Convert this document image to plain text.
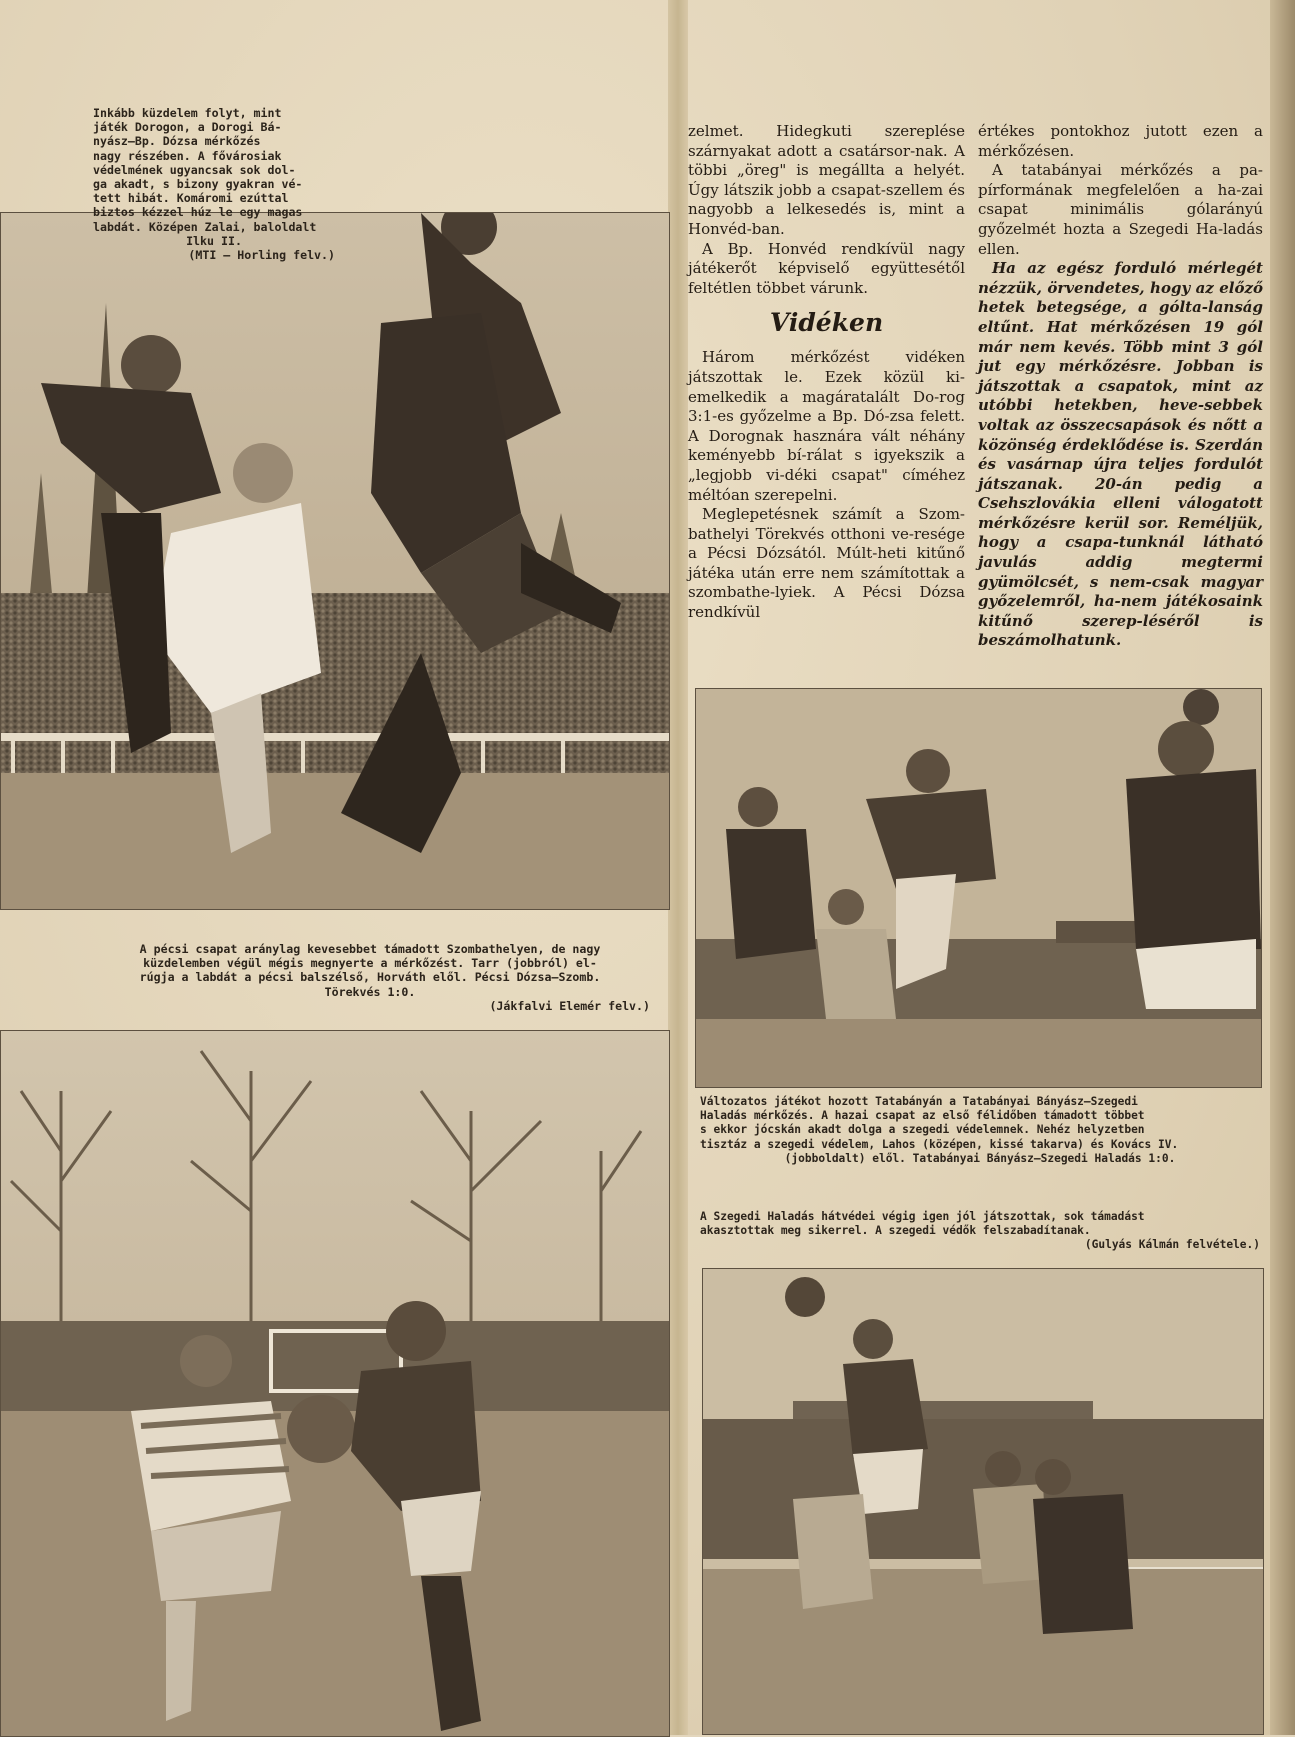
Inkább küzdelem folyt, mint
játék Dorogon, a Dorogi Bá-
nyász—Bp. Dózsa mérkőzés
nagy részében. A fővárosiak
védelmének ugyancsak sok dol-
ga akadt, s bizony gyakran vé-
tett hibát. Komáromi ezúttal
biztos kézzel húz le egy magas
labdát. Középen Zalai, baloldalt
Ilku II.
(MTI — Horling felv.)
A pécsi csapat aránylag kevesebbet támadott Szombathelyen, de nagy
küzdelemben végül mégis megnyerte a mérkőzést. Tarr (jobbról) el-
rúgja a labdát a pécsi balszélső, Horváth elől. Pécsi Dózsa—Szomb.
Törekvés 1:0.
(Jákfalvi Elemér felv.)

zelmet. Hidegkuti szereplése szárnyakat adott a csatársor-nak. A többi „öreg" is megállta a helyét. Úgy látszik jobb a csapat-szellem és nagyobb a lelkesedés is, mint a Honvéd-ban.

A Bp. Honvéd rendkívül nagy játékerőt képviselő együttesétől feltétlen többet várunk.

Vidéken

Három mérkőzést vidéken játszottak le. Ezek közül ki-emelkedik a magáratalált Do-rog 3:1-es győzelme a Bp. Dó-zsa felett. A Dorognak hasznára vált néhány keményebb bí-rálat s igyekszik a „legjobb vi-déki csapat" címéhez méltóan szerepelni.

Meglepetésnek számít a Szom-bathelyi Törekvés otthoni ve-resége a Pécsi Dózsától. Múlt-heti kitűnő játéka után erre nem számítottak a szombathe-lyiek. A Pécsi Dózsa rendkívül

értékes pontokhoz jutott ezen a mérkőzésen.

A tatabányai mérkőzés a pa-pírformának megfelelően a ha-zai csapat minimális gólarányú győzelmét hozta a Szegedi Ha-ladás ellen.

Ha az egész forduló mérlegét nézzük, örvendetes, hogy az előző hetek betegsége, a gólta-lanság eltűnt. Hat mérkőzésen 19 gól már nem kevés. Több mint 3 gól jut egy mérkőzésre. Jobban is játszottak a csapatok, mint az utóbbi hetekben, heve-sebbek voltak az összecsapások és nőtt a közönség érdeklődése is. Szerdán és vasárnap újra teljes fordulót játszanak. 20-án pedig a Csehszlovákia elleni válogatott mérkőzésre kerül sor. Reméljük, hogy a csapa-tunknál látható javulás addig megtermi gyümölcsét, s nem-csak magyar győzelemről, ha-nem játékosaink kitűnő szerep-léséről is beszámolhatunk.

Változatos játékot hozott Tatabányán a Tatabányai Bányász—Szegedi
Haladás mérkőzés. A hazai csapat az első félidőben támadott többet
s ekkor jócskán akadt dolga a szegedi védelemnek. Nehéz helyzetben
tisztáz a szegedi védelem, Lahos (középen, kissé takarva) és Kovács IV.
(jobboldalt) elől. Tatabányai Bányász—Szegedi Haladás 1:0.
A Szegedi Haladás hátvédei végig igen jól játszottak, sok támadást
akasztottak meg sikerrel. A szegedi védők felszabadítanak.
(Gulyás Kálmán felvétele.)
